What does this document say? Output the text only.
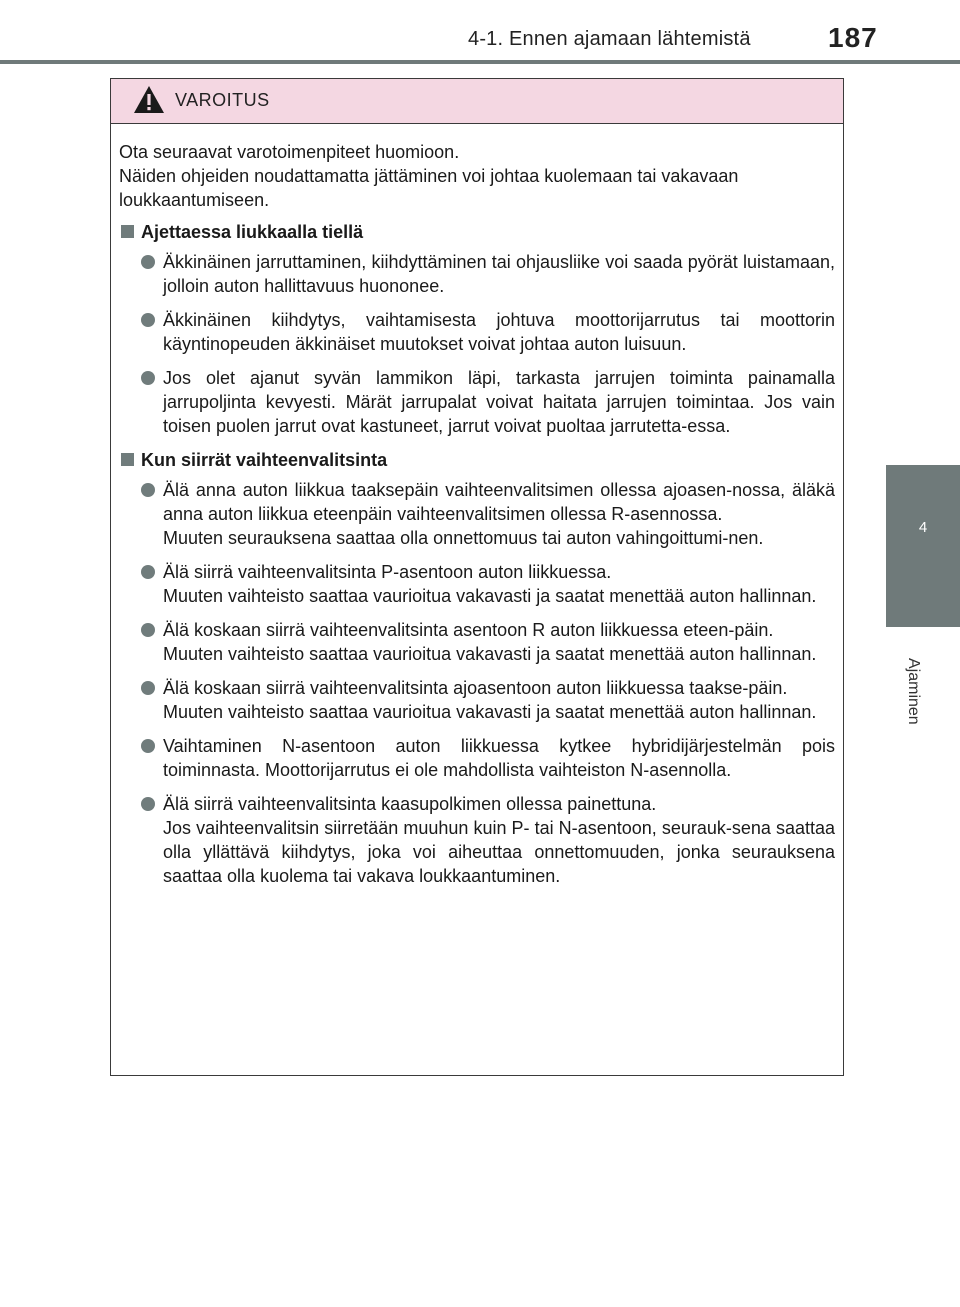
4-1. Ennen ajamaan lähtemistä	187
4
Ajaminen
VAROITUS

Ota seuraavat varotoimenpiteet huomioon.
Näiden ohjeiden noudattamatta jättäminen voi johtaa kuolemaan tai vakavaan loukkaantumiseen.

Ajettaessa liukkaalla tiellä
Äkkinäinen jarruttaminen, kiihdyttäminen tai ohjausliike voi saada pyörät luistamaan, jolloin auton hallittavuus huononee.
Äkkinäinen kiihdytys, vaihtamisesta johtuva moottorijarrutus tai moottorin käyntinopeuden äkkinäiset muutokset voivat johtaa auton luisuun.
Jos olet ajanut syvän lammikon läpi, tarkasta jarrujen toiminta painamalla jarrupoljinta kevyesti. Märät jarrupalat voivat haitata jarrujen toimintaa. Jos vain toisen puolen jarrut ovat kastuneet, jarrut voivat puoltaa jarrutetta-essa.
Kun siirrät vaihteenvalitsinta
Älä anna auton liikkua taaksepäin vaihteenvalitsimen ollessa ajoasen-nossa, äläkä anna auton liikkua eteenpäin vaihteenvalitsimen ollessa R-asennossa.
Muuten seurauksena saattaa olla onnettomuus tai auton vahingoittumi-nen.
Älä siirrä vaihteenvalitsinta P-asentoon auton liikkuessa.
Muuten vaihteisto saattaa vaurioitua vakavasti ja saatat menettää auton hallinnan.
Älä koskaan siirrä vaihteenvalitsinta asentoon R auton liikkuessa eteen-päin.
Muuten vaihteisto saattaa vaurioitua vakavasti ja saatat menettää auton hallinnan.
Älä koskaan siirrä vaihteenvalitsinta ajoasentoon auton liikkuessa taakse-päin.
Muuten vaihteisto saattaa vaurioitua vakavasti ja saatat menettää auton hallinnan.
Vaihtaminen N-asentoon auton liikkuessa kytkee hybridijärjestelmän pois toiminnasta. Moottorijarrutus ei ole mahdollista vaihteiston N-asennolla.
Älä siirrä vaihteenvalitsinta kaasupolkimen ollessa painettuna.
Jos vaihteenvalitsin siirretään muuhun kuin P- tai N-asentoon, seurauk-sena saattaa olla yllättävä kiihdytys, joka voi aiheuttaa onnettomuuden, jonka seurauksena saattaa olla kuolema tai vakava loukkaantuminen.
